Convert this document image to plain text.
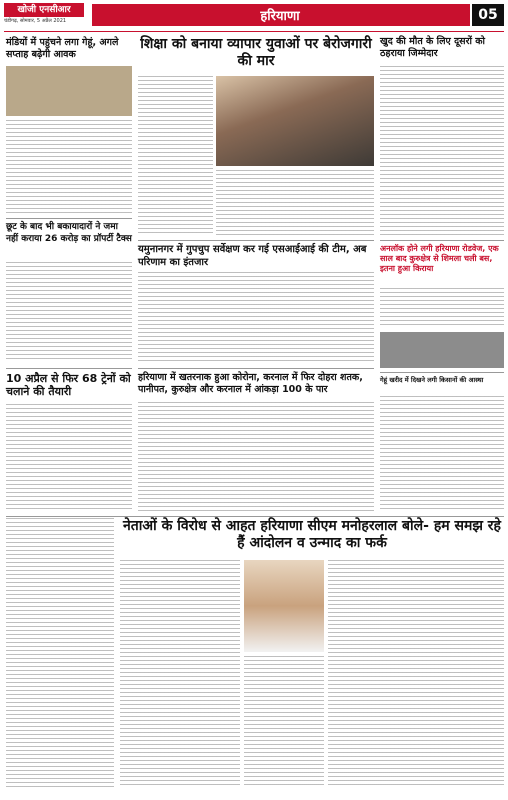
खोजी एनसीआर
चंडीगढ़, सोमवार, 5 अप्रैल 2021	हरियाणा	05
मंडियों में पहुंचने लगा गेहूं, अगले सप्ताह बढ़ेगी आवक
छूट के बाद भी बकायादारों ने जमा नहीं कराया 26 करोड़ का प्रॉपर्टी टैक्स
शिक्षा को बनाया व्यापार युवाओं पर बेरोजगारी की मार
खुद की मौत के लिए दूसरों को ठहराया जिम्मेदार
यमुनानगर में गुपचुप सर्वेक्षण कर गई एसआईआई की टीम, अब परिणाम का इंतजार
अनलॉक होने लगी हरियाणा रोडवेज, एक साल बाद कुरुक्षेत्र से शिमला चली बस, इतना हुआ किराया
10 अप्रैल से फिर 68 ट्रेनों को चलाने की तैयारी
हरियाणा में खतरनाक हुआ कोरोना, करनाल में फिर दोहरा शतक, पानीपत, कुरुक्षेत्र और करनाल में आंकड़ा 100 के पार
गेहूं खरीद में दिखने लगी किसानों की आस्था
नेताओं के विरोध से आहत हरियाणा सीएम मनोहरलाल बोले- हम समझ रहे हैं आंदोलन व उन्माद का फर्क
